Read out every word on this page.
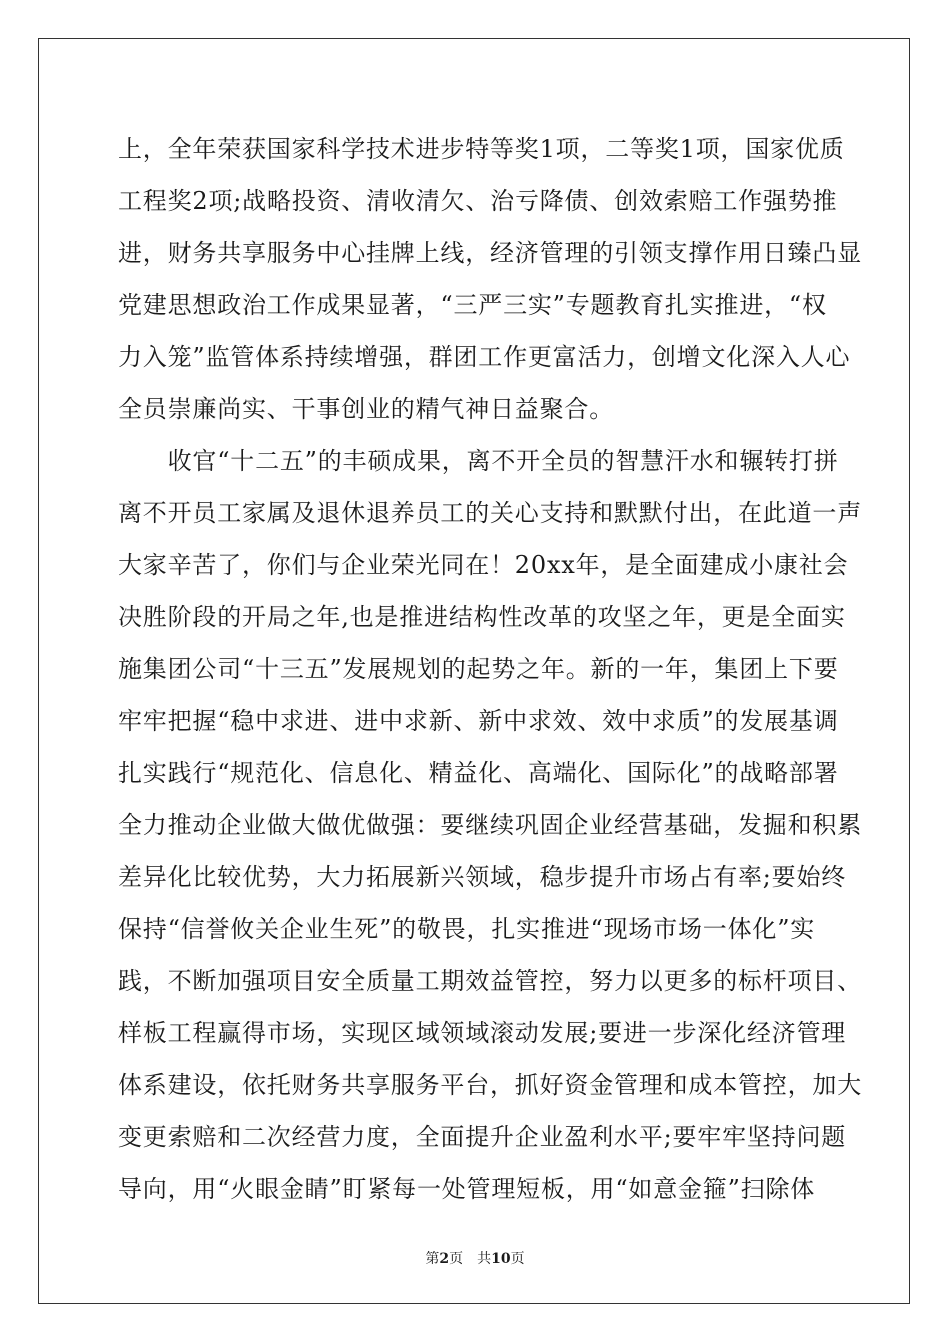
上，全年荣获国家科学技术进步特等奖1项，二等奖1项，国家优质
工程奖2项;战略投资、清收清欠、治亏降债、创效索赔工作强势推
进，财务共享服务中心挂牌上线，经济管理的引领支撑作用日臻凸显
党建思想政治工作成果显著，“三严三实”专题教育扎实推进，“权
力入笼”监管体系持续增强，群团工作更富活力，创增文化深入人心
全员崇廉尚实、干事创业的精气神日益聚合。
　　收官“十二五”的丰硕成果，离不开全员的智慧汗水和辗转打拼
离不开员工家属及退休退养员工的关心支持和默默付出，在此道一声
大家辛苦了，你们与企业荣光同在！20xx年，是全面建成小康社会
决胜阶段的开局之年,也是推进结构性改革的攻坚之年，更是全面实
施集团公司“十三五”发展规划的起势之年。新的一年，集团上下要
牢牢把握“稳中求进、进中求新、新中求效、效中求质”的发展基调
扎实践行“规范化、信息化、精益化、高端化、国际化”的战略部署
全力推动企业做大做优做强：要继续巩固企业经营基础，发掘和积累
差异化比较优势，大力拓展新兴领域，稳步提升市场占有率;要始终
保持“信誉攸关企业生死”的敬畏，扎实推进“现场市场一体化”实
践，不断加强项目安全质量工期效益管控，努力以更多的标杆项目、
样板工程赢得市场，实现区域领域滚动发展;要进一步深化经济管理
体系建设，依托财务共享服务平台，抓好资金管理和成本管控，加大
变更索赔和二次经营力度，全面提升企业盈利水平;要牢牢坚持问题
导向，用“火眼金睛”盯紧每一处管理短板，用“如意金箍”扫除体
第2页 共10页
